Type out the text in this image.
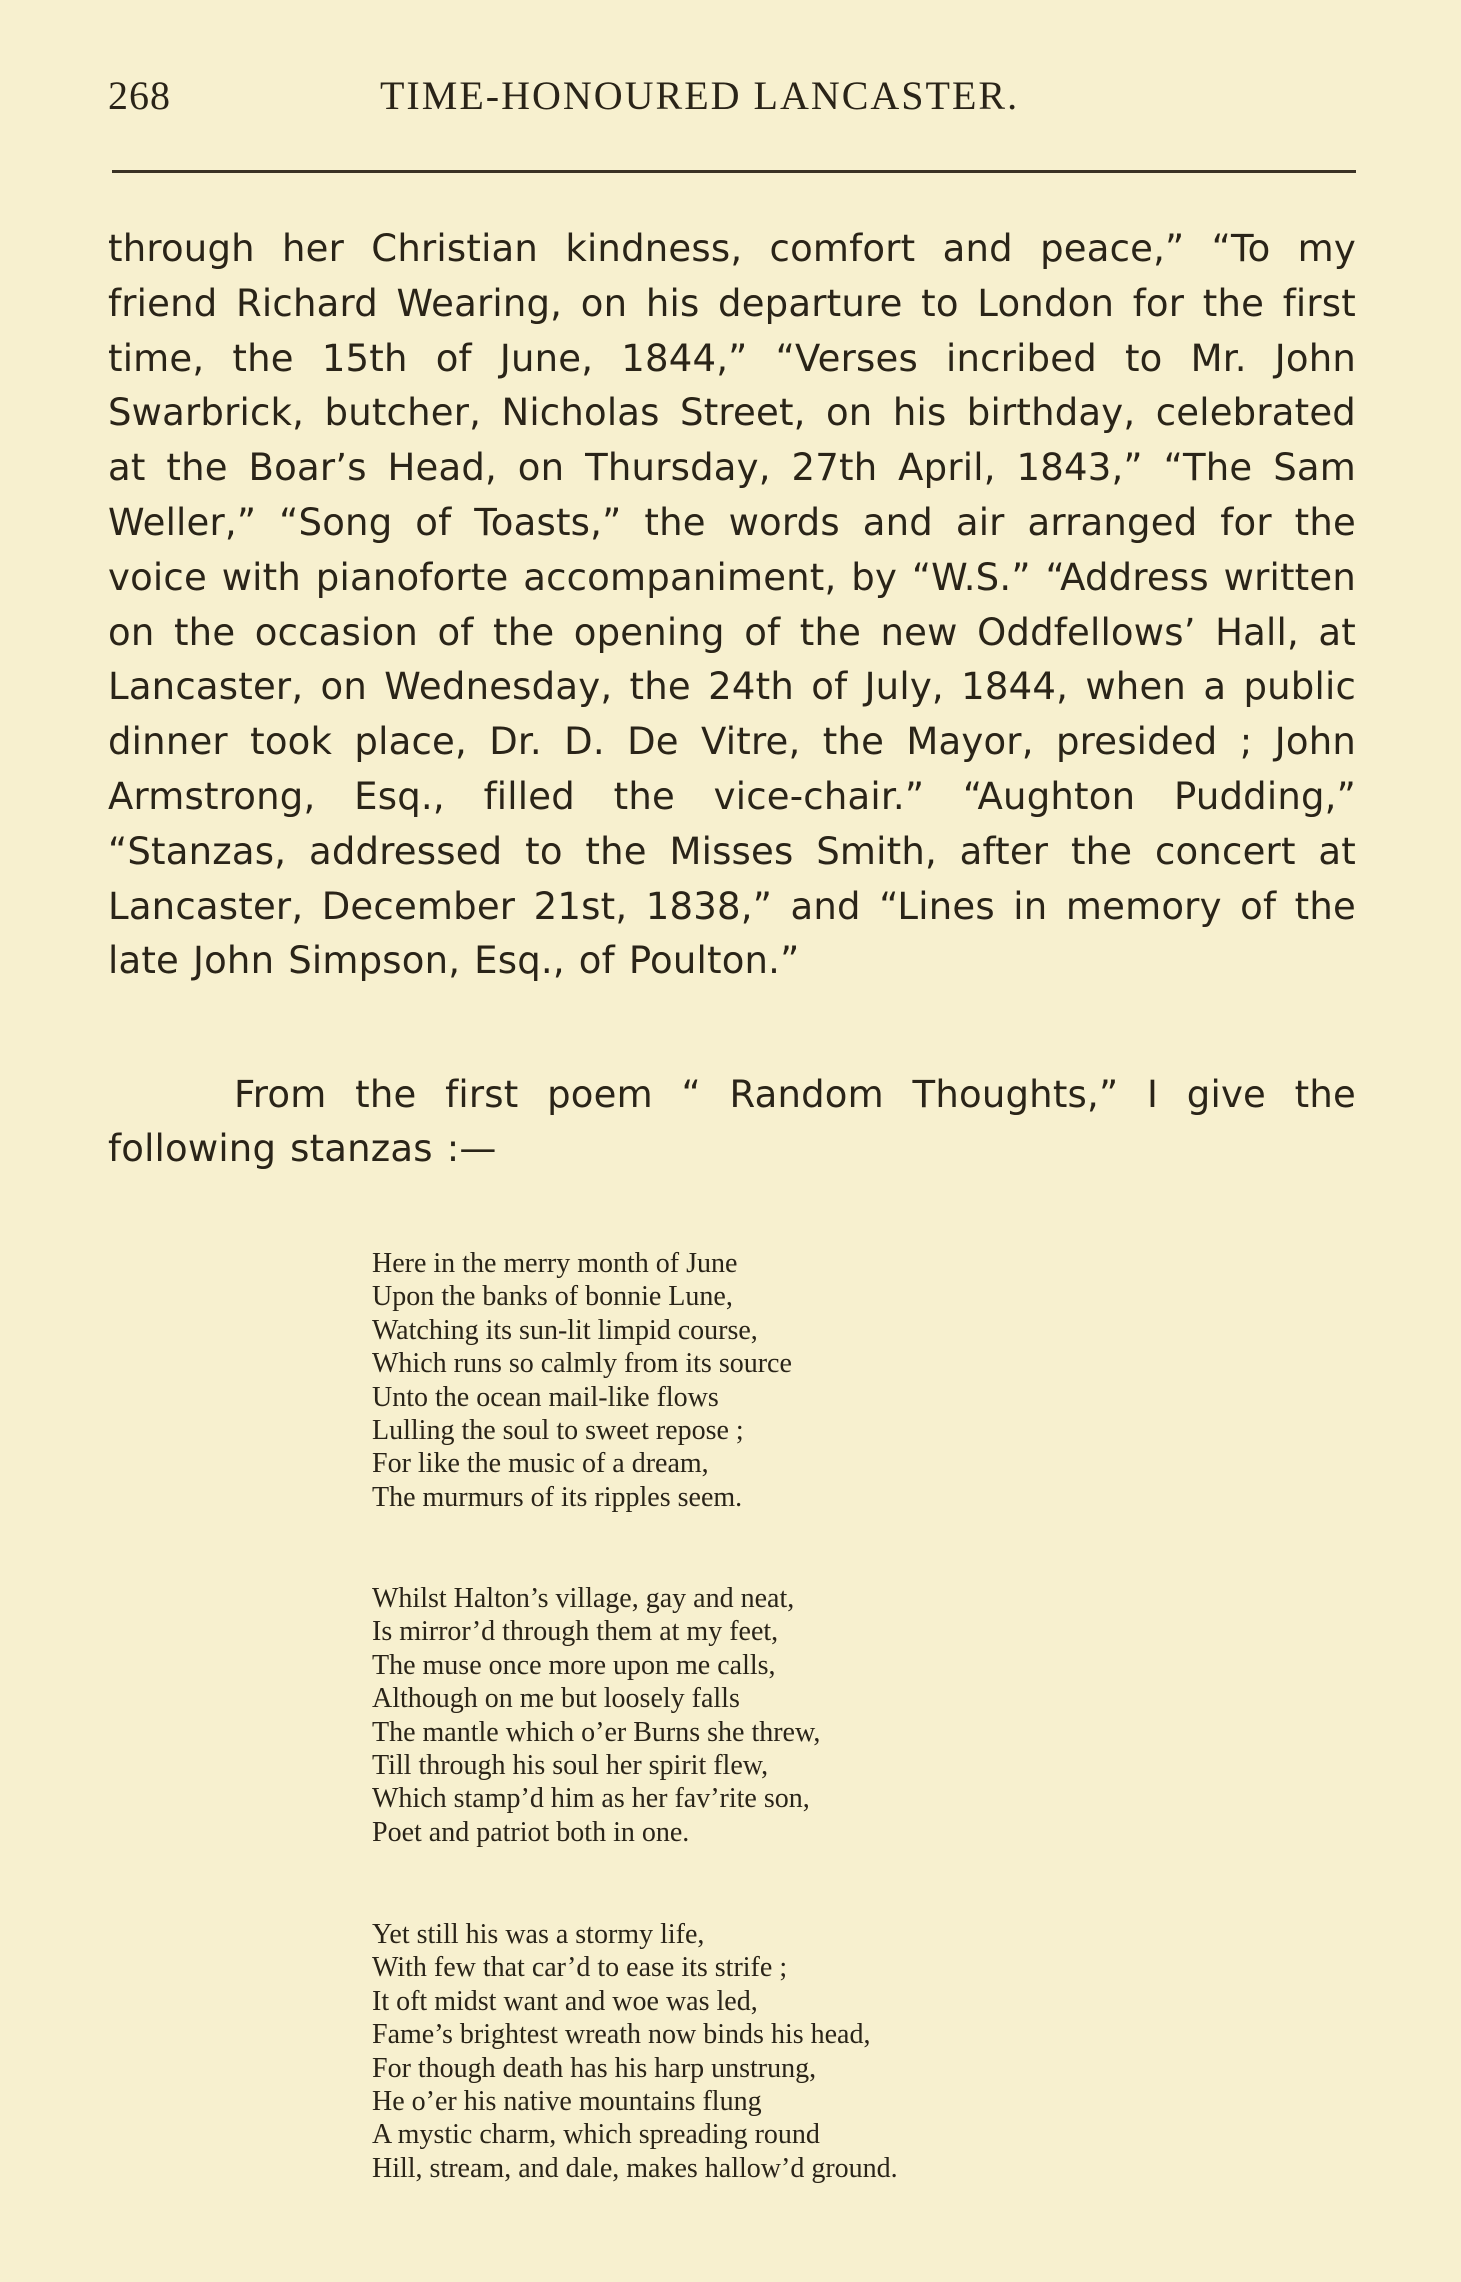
268	TIME-HONOURED LANCASTER.

through her Christian kindness, comfort and peace,” “To my friend Richard Wearing, on his departure to London for the first time, the 15th of June, 1844,” “Verses incribed to Mr. John Swarbrick, butcher, Nicholas Street, on his birthday, celebrated at the Boar’s Head, on Thursday, 27th April, 1843,” “The Sam Weller,” “Song of Toasts,” the words and air arranged for the voice with pianoforte accompaniment, by “W.S.” “Address written on the occasion of the opening of the new Oddfellows’ Hall, at Lancaster, on Wednesday, the 24th of July, 1844, when a public dinner took place, Dr. D. De Vitre, the Mayor, presided ; John Armstrong, Esq., filled the vice-chair.” “Aughton Pudding,” “Stanzas, addressed to the Misses Smith, after the concert at Lancaster, December 21st, 1838,” and “Lines in memory of the late John Simpson, Esq., of Poulton.”

From the first poem “ Random Thoughts,” I give the following stanzas :—

Here in the merry month of June
Upon the banks of bonnie Lune,
Watching its sun-lit limpid course,
Which runs so calmly from its source
Unto the ocean mail-like flows
Lulling the soul to sweet repose ;
For like the music of a dream,
The murmurs of its ripples seem.
Whilst Halton’s village, gay and neat,
Is mirror’d through them at my feet,
The muse once more upon me calls,
Although on me but loosely falls
The mantle which o’er Burns she threw,
Till through his soul her spirit flew,
Which stamp’d him as her fav’rite son,
Poet and patriot both in one.
Yet still his was a stormy life,
With few that car’d to ease its strife ;
It oft midst want and woe was led,
Fame’s brightest wreath now binds his head,
For though death has his harp unstrung,
He o’er his native mountains flung
A mystic charm, which spreading round
Hill, stream, and dale, makes hallow’d ground.
